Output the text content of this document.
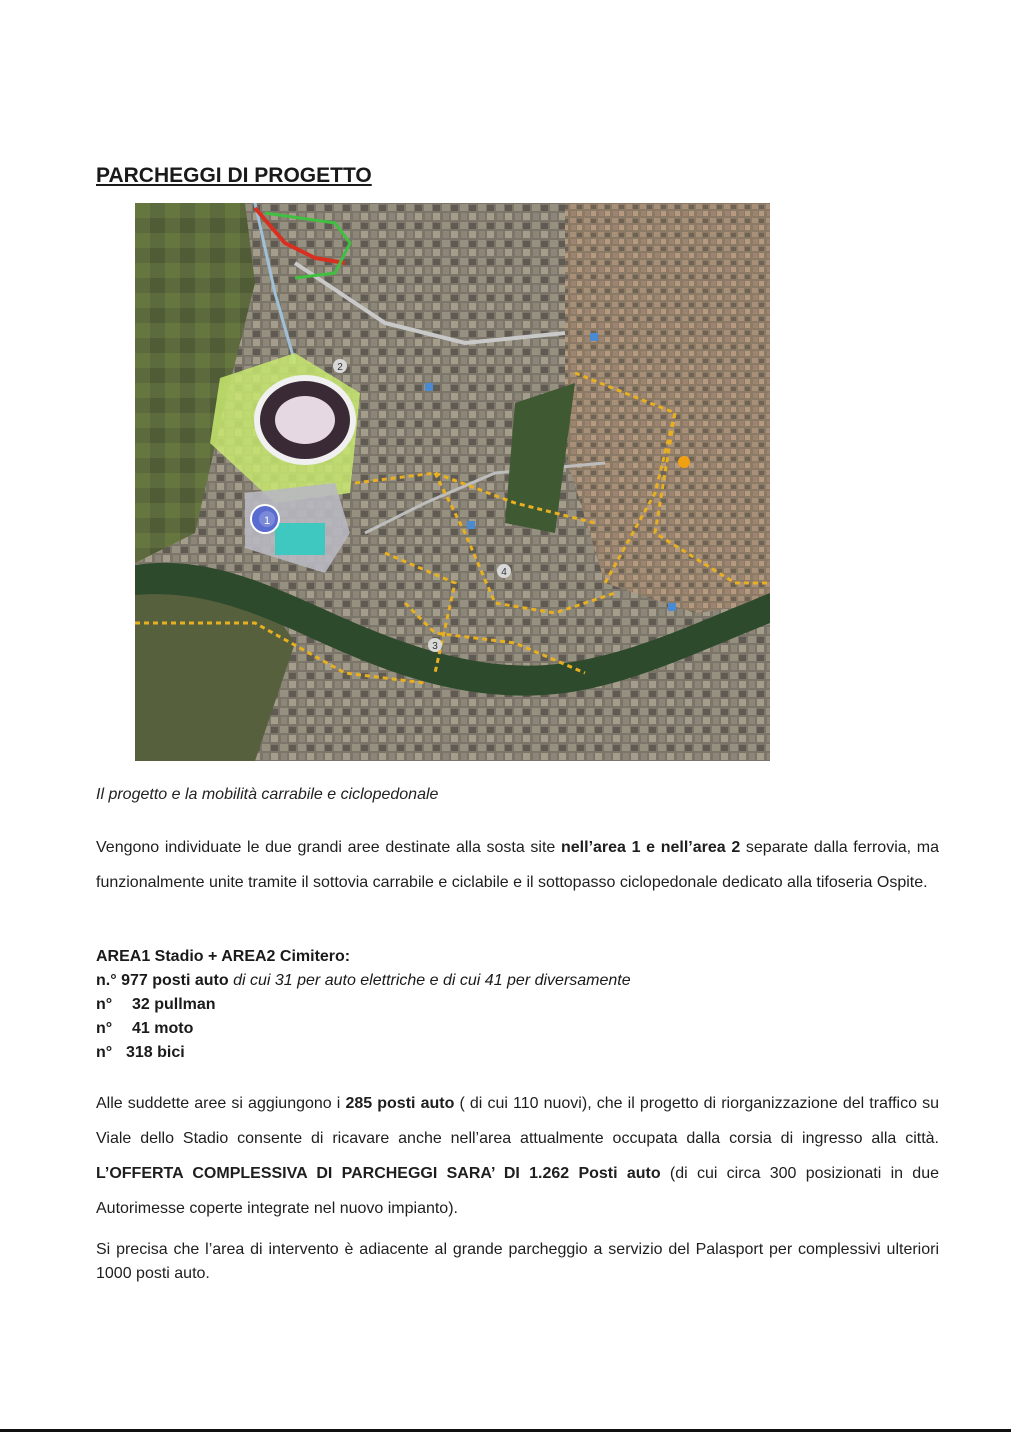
PARCHEGGI DI PROGETTO
1
2
3
4

Il progetto e la mobilità carrabile e ciclopedonale

Vengono individuate le due grandi aree destinate alla sosta site nell’area 1 e nell’area 2 separate dalla ferrovia, ma funzionalmente unite tramite il sottovia carrabile e ciclabile e il sottopasso ciclopedonale dedicato alla tifoseria Ospite.

AREA1 Stadio + AREA2 Cimitero:
n.° 977 posti auto di cui 31 per auto elettriche e di cui 41 per diversamente
n° 32 pullman
n° 41 moto
n° 318 bici

Alle suddette aree si aggiungono i 285 posti auto ( di cui 110 nuovi), che il progetto di riorganizzazione del traffico su Viale dello Stadio consente di ricavare anche nell’area attualmente occupata dalla corsia di ingresso alla città. L’OFFERTA COMPLESSIVA DI PARCHEGGI SARA’ DI 1.262 Posti auto (di cui circa 300 posizionati in due Autorimesse coperte integrate nel nuovo impianto).

Si precisa che l’area di intervento è adiacente al grande parcheggio a servizio del Palasport per complessivi ulteriori 1000 posti auto.
